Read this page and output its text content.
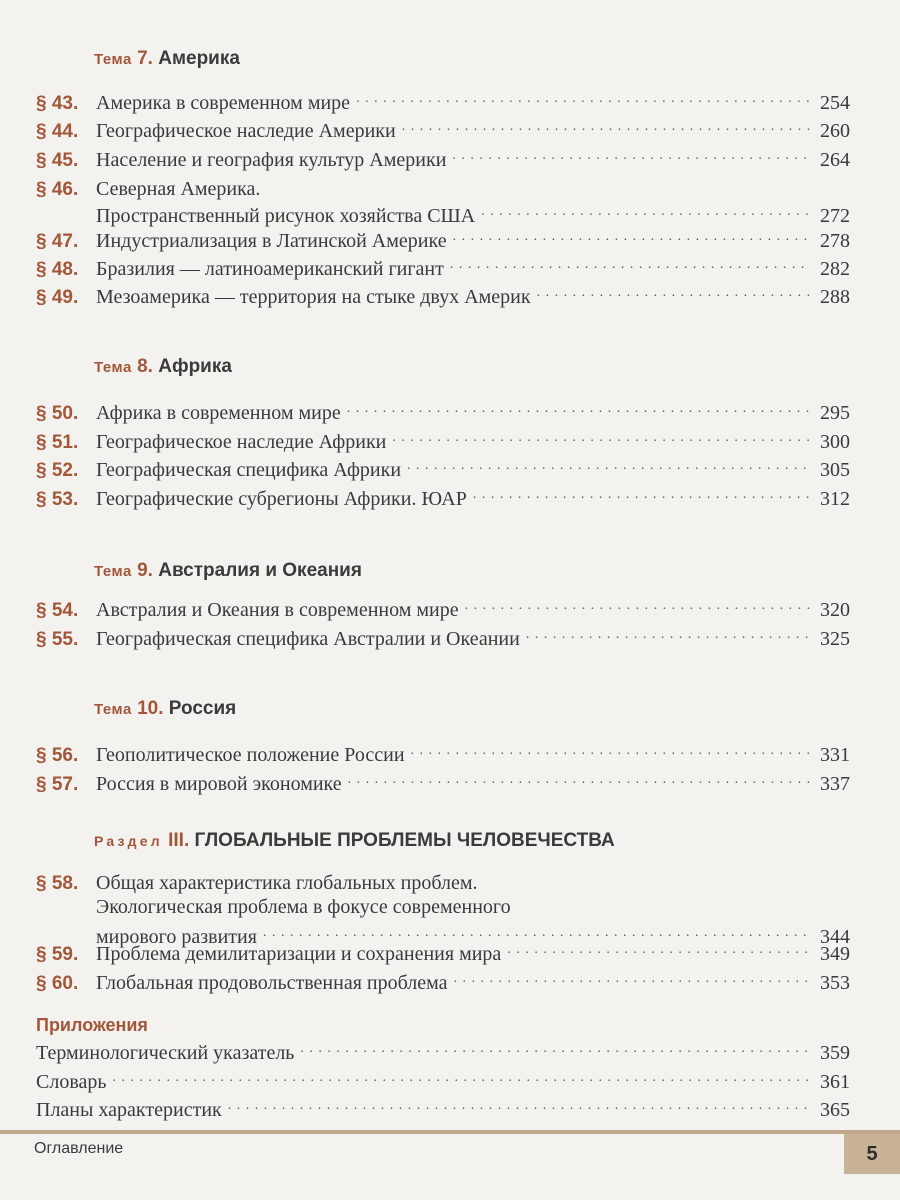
Тема 7. Америка
§ 43. Америка в современном мире . . .	254
§ 44. Географическое наследие Америки . . .	260
§ 45. Население и география культур Америки . . .	264
§ 46. Северная Америка.
Пространственный рисунок хозяйства США . . .	272
§ 47. Индустриализация в Латинской Америке . . .	278
§ 48. Бразилия — латиноамериканский гигант . . .	282
§ 49. Мезоамерика — территория на стыке двух Америк . . .	288
Тема 8. Африка
§ 50. Африка в современном мире . . .	295
§ 51. Географическое наследие Африки . . .	300
§ 52. Географическая специфика Африки . . .	305
§ 53. Географические субрегионы Африки. ЮАР . . .	312
Тема 9. Австралия и Океания
§ 54. Австралия и Океания в современном мире . . .	320
§ 55. Географическая специфика Австралии и Океании . . .	325
Тема 10. Россия
§ 56. Геополитическое положение России . . .	331
§ 57. Россия в мировой экономике . . .	337
Раздел III. ГЛОБАЛЬНЫЕ ПРОБЛЕМЫ ЧЕЛОВЕЧЕСТВА
§ 58. Общая характеристика глобальных проблем.
Экологическая проблема в фокусе современного
мирового развития . . .	344
§ 59. Проблема демилитаризации и сохранения мира . . .	349
§ 60. Глобальная продовольственная проблема . . .	353
Приложения
Терминологический указатель . . .	359
Словарь . . .	361
Планы характеристик . . .	365
Оглавление	5
